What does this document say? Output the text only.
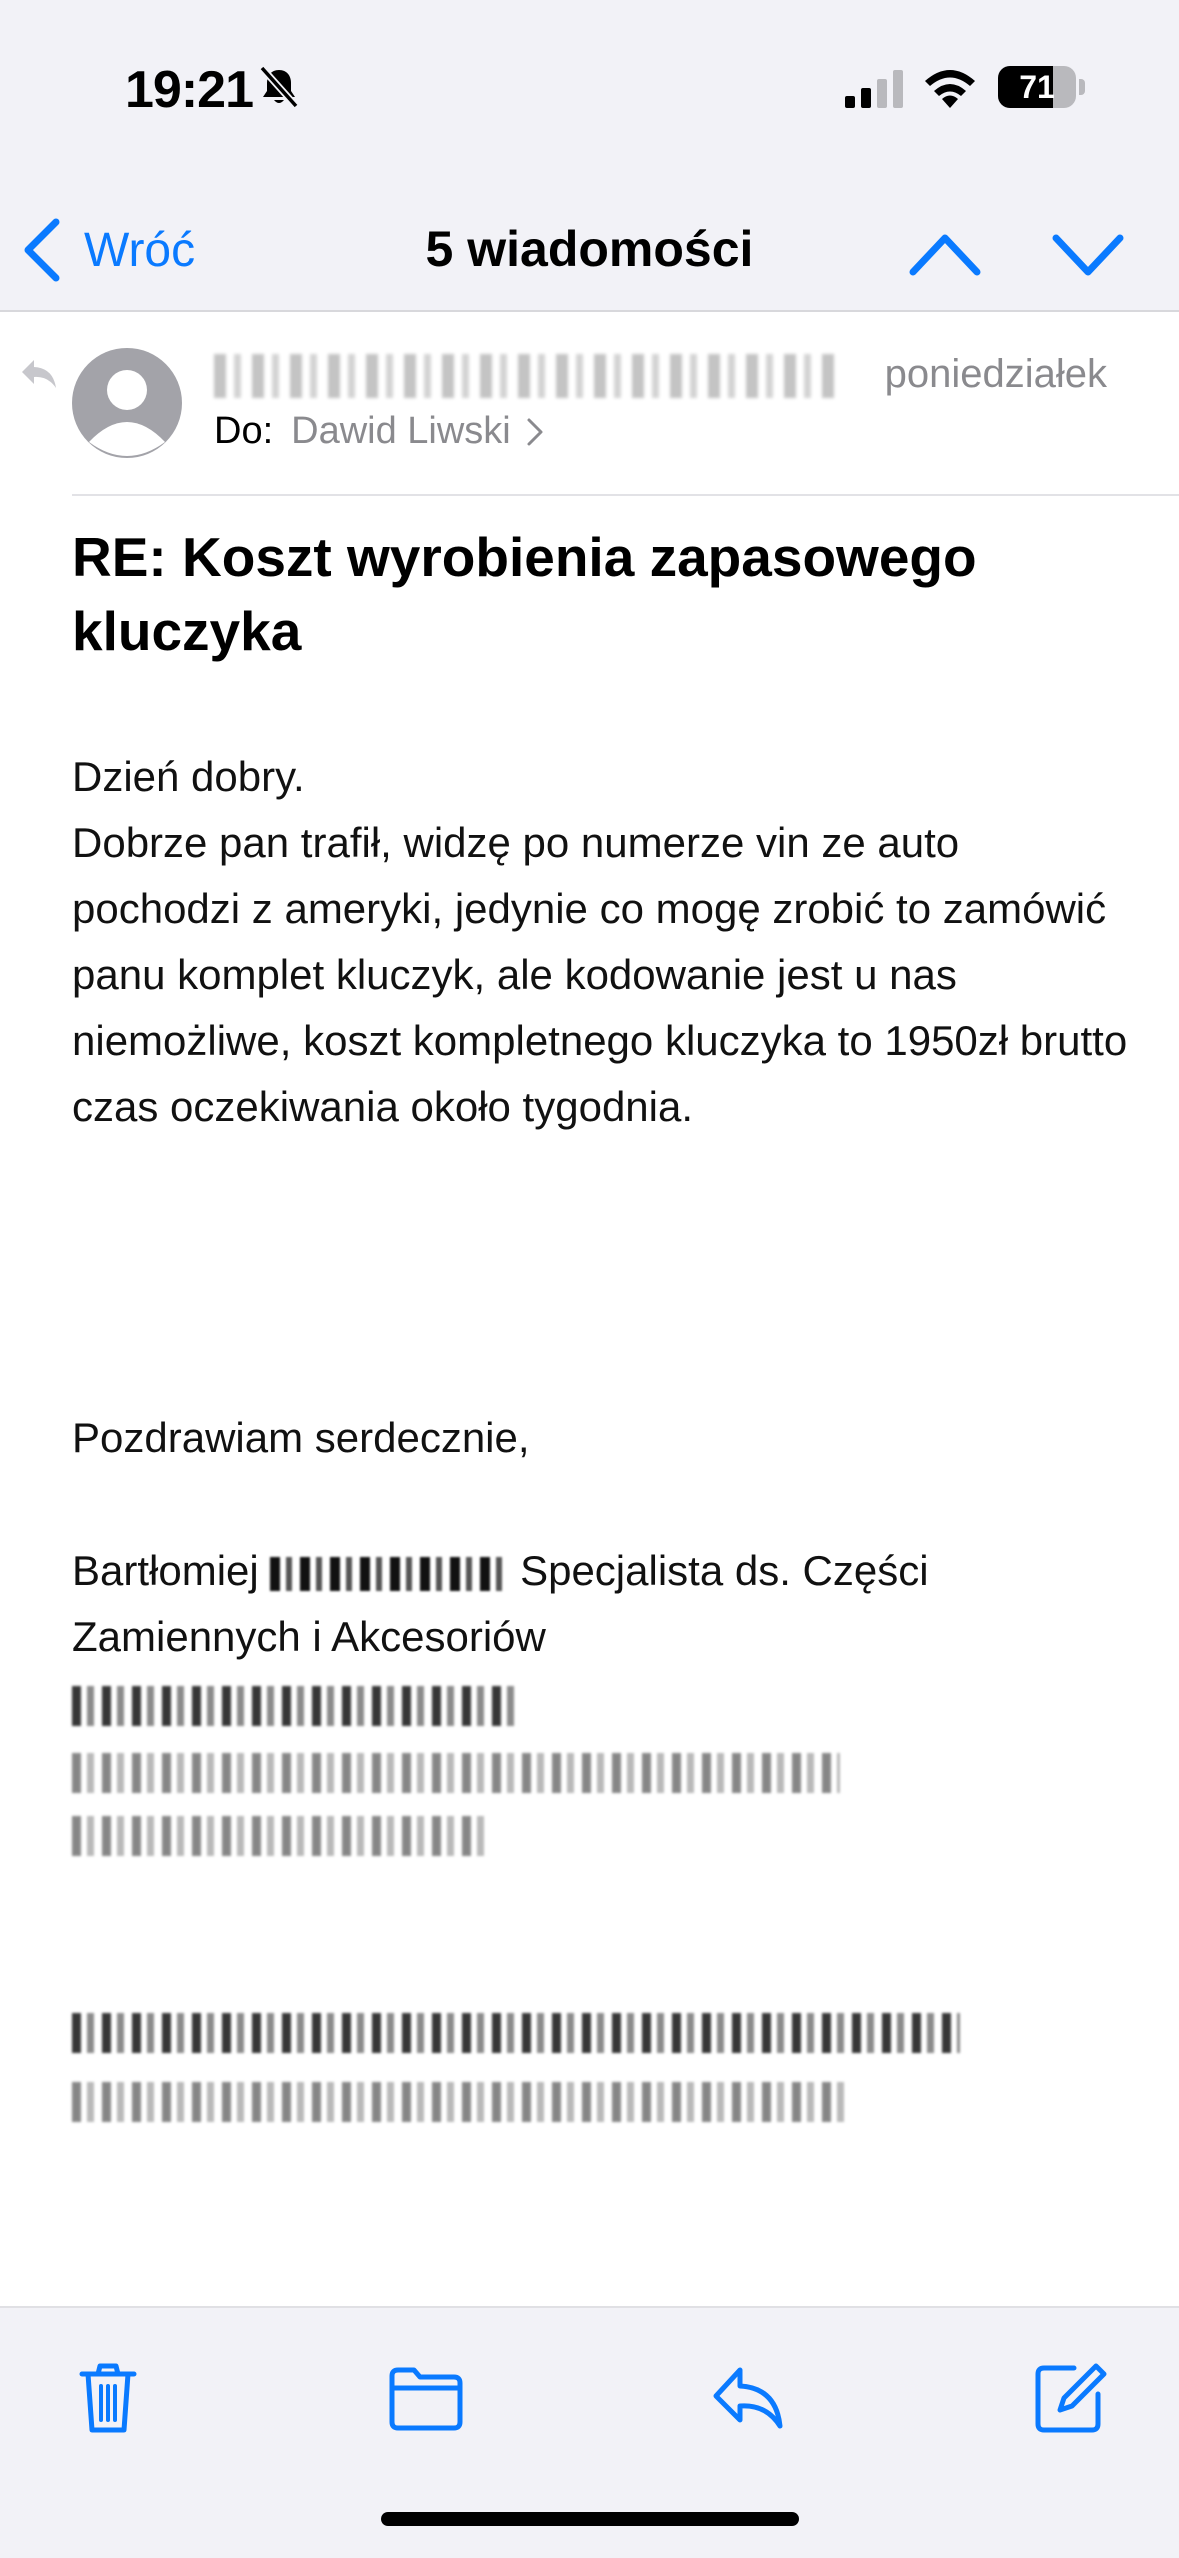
19:21	71
Wróć	5 wiadomości
poniedziałek
Do: Dawid Liwski
RE: Koszt wyrobienia zapasowego kluczyka
Dzień dobry.
Dobrze pan trafił, widzę po numerze vin ze auto pochodzi z ameryki, jedynie co mogę zrobić to zamówić panu komplet kluczyk, ale kodowanie jest u nas niemożliwe, koszt kompletnego kluczyka to 1950zł brutto czas oczekiwania około tygodnia.
Pozdrawiam serdecznie,
Bartłomiej	Specjalista ds. Części Zamiennych i Akcesoriów
